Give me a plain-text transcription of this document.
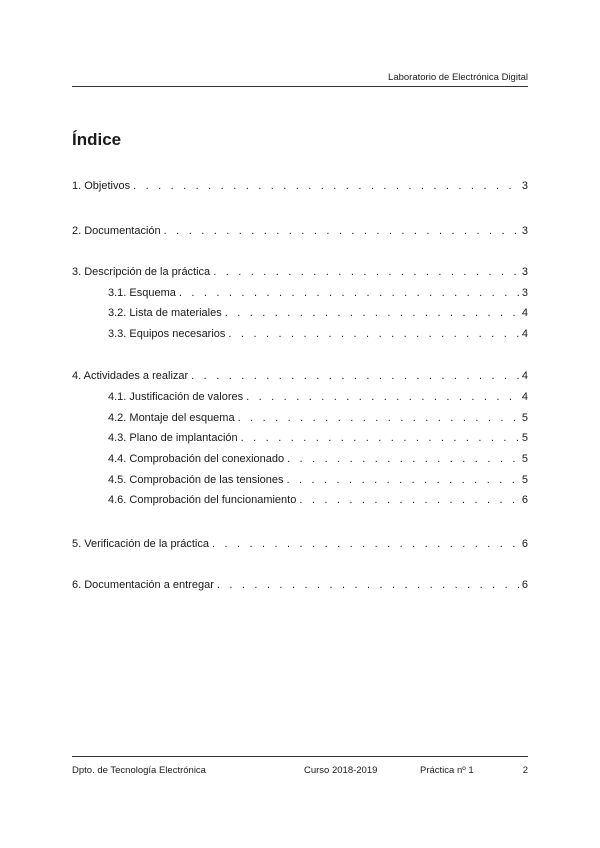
Laboratorio de Electrónica Digital
Índice
1. Objetivos . . .	3
2. Documentación . . .	3
3. Descripción de la práctica . . .	3
3.1. Esquema . . .	3
3.2. Lista de materiales . . .	4
3.3. Equipos necesarios . . .	4
4. Actividades a realizar . . .	4
4.1. Justificación de valores . . .	4
4.2. Montaje del esquema . . .	5
4.3. Plano de implantación . . .	5
4.4. Comprobación del conexionado . . .	5
4.5. Comprobación de las tensiones . . .	5
4.6. Comprobación del funcionamiento . . .	6
5. Verificación de la práctica . . .	6
6. Documentación a entregar . . .	6
Dpto. de Tecnología Electrónica	Curso 2018-2019	Práctica nº 1	2
